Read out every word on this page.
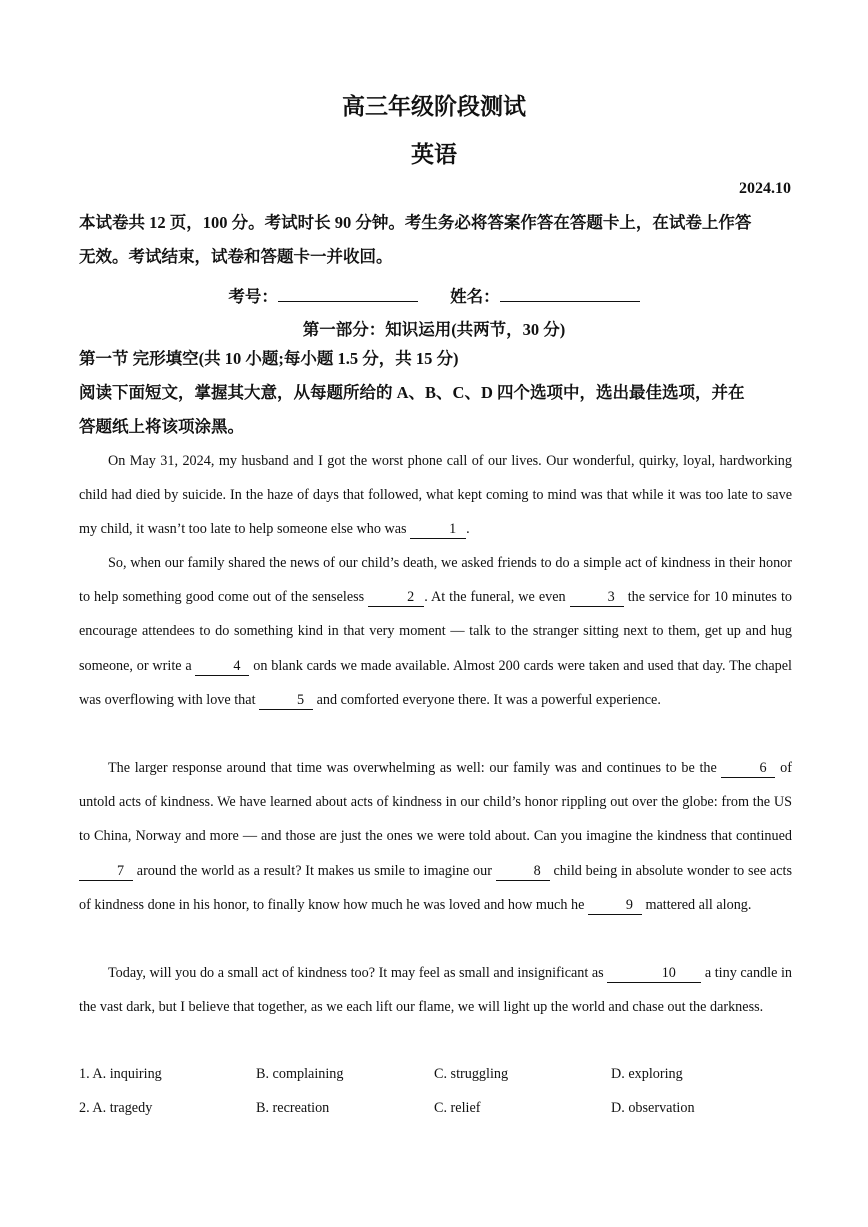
高三年级阶段测试
英语
2024.10
本试卷共 12 页，100 分。考试时长 90 分钟。考生务必将答案作答在答题卡上，在试卷上作答
无效。考试结束，试卷和答题卡一并收回。
考号：	姓名：
第一部分：知识运用(共两节，30 分)
第一节 完形填空(共 10 小题;每小题 1.5 分，共 15 分)
阅读下面短文，掌握其大意，从每题所给的 A、B、C、D 四个选项中，选出最佳选项，并在
答题纸上将该项涂黑。
On May 31, 2024, my husband and I got the worst phone call of our lives. Our wonderful, quirky, loyal, hardworking child had died by suicide. In the haze of days that followed, what kept coming to mind was that while it was too late to save my child, it wasn’t too late to help someone else who was	1 .
So, when our family shared the news of our child’s death, we asked friends to do a simple act of kindness in their honor to help something good come out of the senseless	2 . At the funeral, we even	3 the service for 10 minutes to encourage attendees to do something kind in that very moment — talk to the stranger sitting next to them, get up and hug someone, or write a	4 on blank cards we made available. Almost 200 cards were taken and used that day. The chapel was overflowing with love that	5 and comforted everyone there. It was a powerful experience.
The larger response around that time was overwhelming as well: our family was and continues to be the	6 of untold acts of kindness. We have learned about acts of kindness in our child’s honor rippling out over the globe: from the US to China, Norway and more — and those are just the ones we were told about. Can you imagine the kindness that continued 7 around the world as a result? It makes us smile to imagine our	8 child being in absolute wonder to see acts of kindness done in his honor, to finally know how much he was loved and how much he	9 mattered all along.
Today, will you do a small act of kindness too? It may feel as small and insignificant as	10 a tiny candle in the vast dark, but I believe that together, as we each lift our flame, we will light up the world and chase out the darkness.
1. A. inquiring	B. complaining	C. struggling	D. exploring
2. A. tragedy	B. recreation	C. relief	D. observation
